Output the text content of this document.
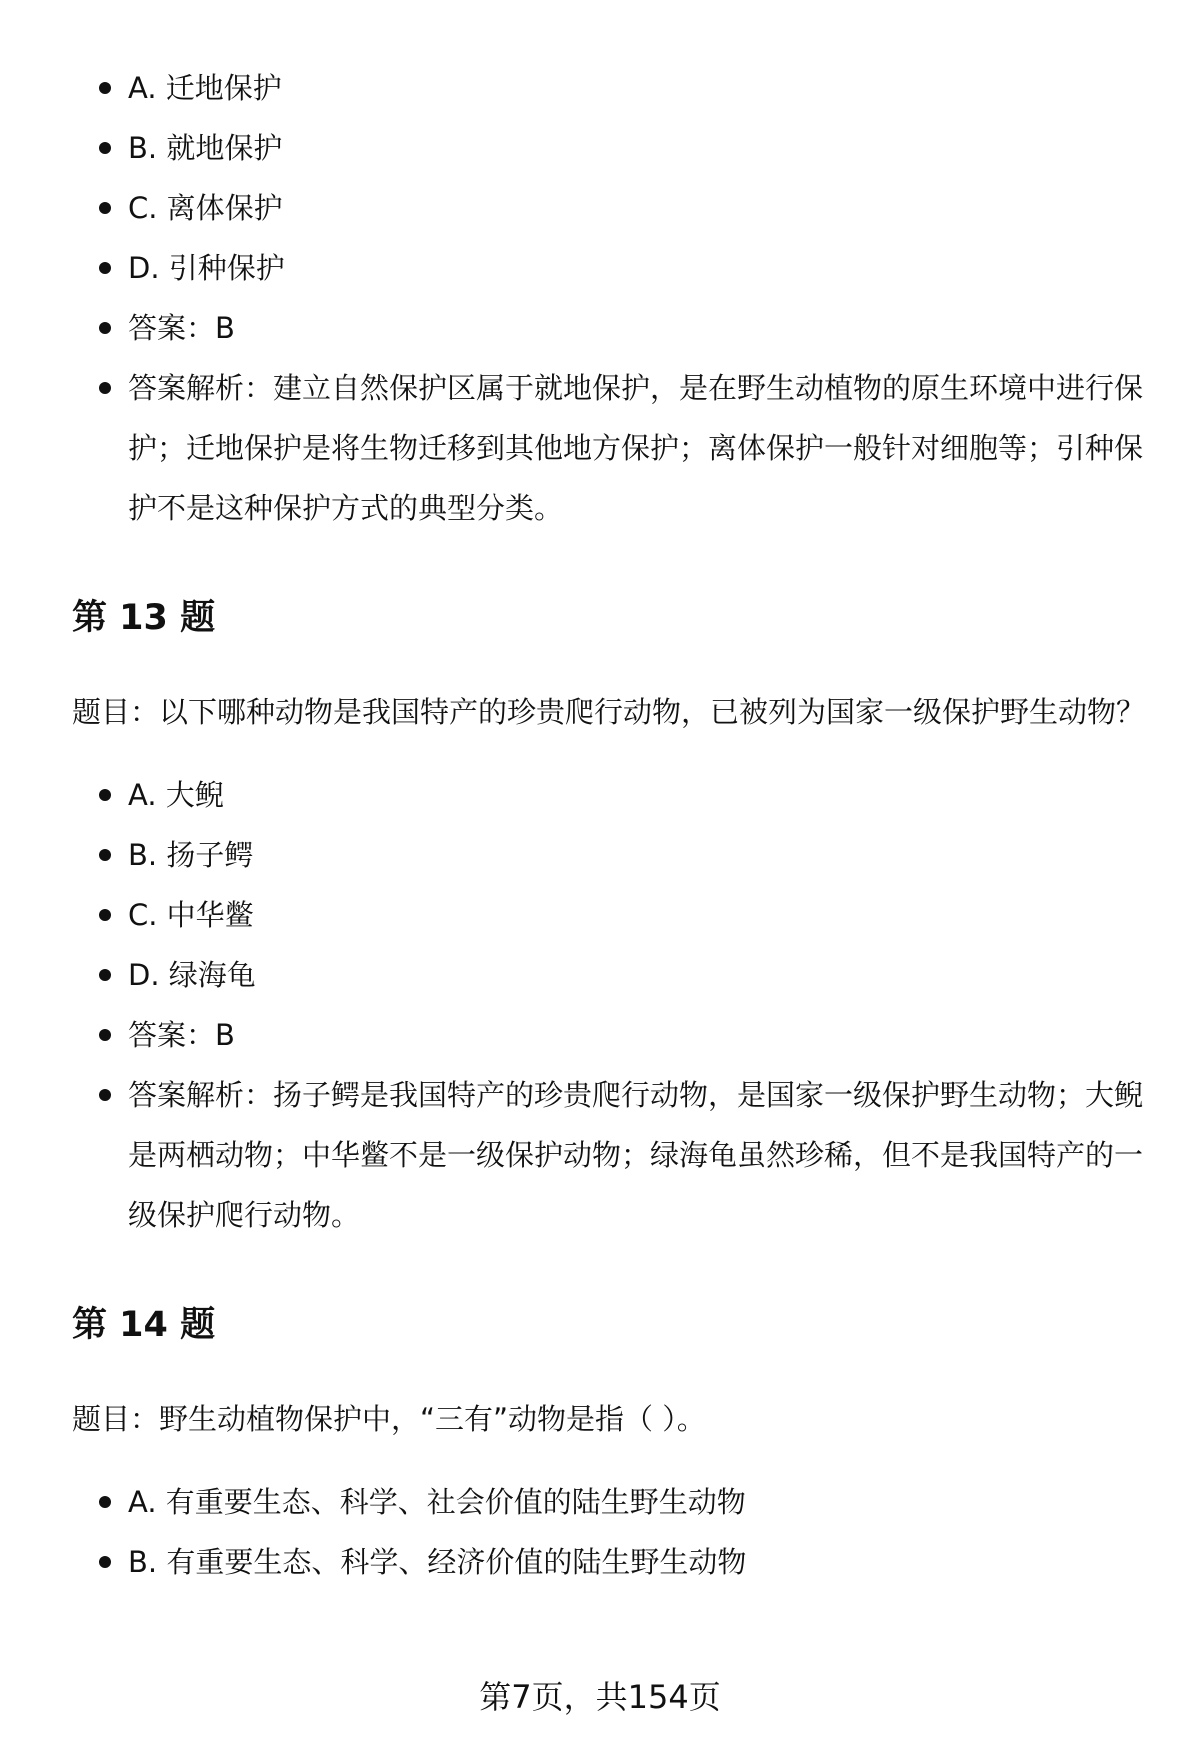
A. 迁地保护
B. 就地保护
C. 离体保护
D. 引种保护
答案：B
答案解析：建立自然保护区属于就地保护，是在野生动植物的原生环境中进行保护；迁地保护是将生物迁移到其他地方保护；离体保护一般针对细胞等；引种保护不是这种保护方式的典型分类。
第 13 题

题目：以下哪种动物是我国特产的珍贵爬行动物，已被列为国家一级保护野生动物？

A. 大鲵
B. 扬子鳄
C. 中华鳖
D. 绿海龟
答案：B
答案解析：扬子鳄是我国特产的珍贵爬行动物，是国家一级保护野生动物；大鲵是两栖动物；中华鳖不是一级保护动物；绿海龟虽然珍稀，但不是我国特产的一级保护爬行动物。
第 14 题

题目：野生动植物保护中，“三有”动物是指（ ）。

A. 有重要生态、科学、社会价值的陆生野生动物
B. 有重要生态、科学、经济价值的陆生野生动物
第7页，共154页
